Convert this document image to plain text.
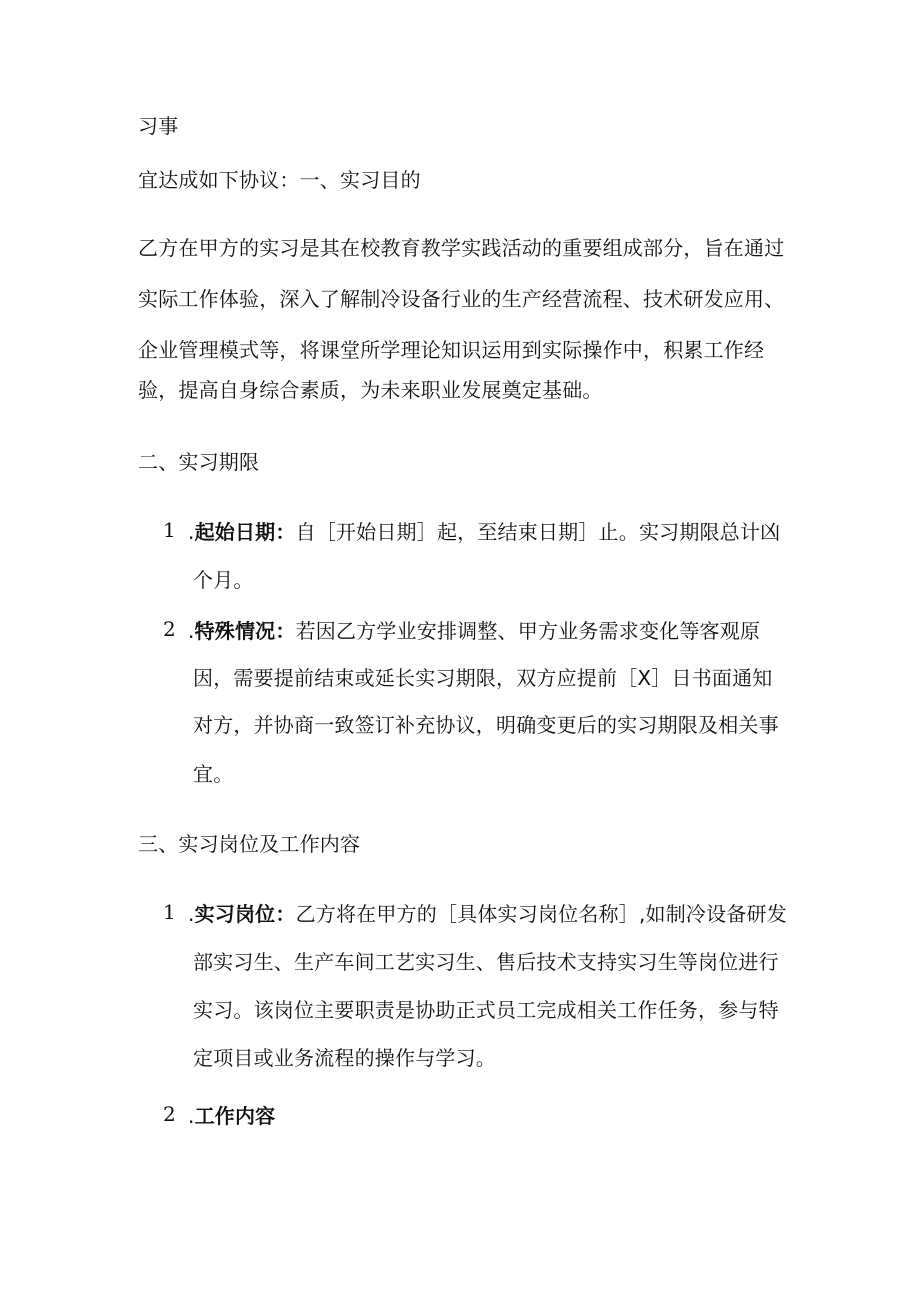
习事
宜达成如下协议：一、实习目的
乙方在甲方的实习是其在校教育教学实践活动的重要组成部分，旨在通过
实际工作体验，深入了解制冷设备行业的生产经营流程、技术研发应用、
企业管理模式等，将课堂所学理论知识运用到实际操作中，积累工作经
验，提高自身综合素质，为未来职业发展奠定基础。
二、实习期限
1 .起始日期：自［开始日期］起，至结束日期］止。实习期限总计凶
个月。
2 .特殊情况：若因乙方学业安排调整、甲方业务需求变化等客观原
因，需要提前结束或延长实习期限，双方应提前［X］日书面通知
对方，并协商一致签订补充协议，明确变更后的实习期限及相关事
宜。
三、实习岗位及工作内容
1 .实习岗位：乙方将在甲方的［具体实习岗位名称］,如制冷设备研发
部实习生、生产车间工艺实习生、售后技术支持实习生等岗位进行
实习。该岗位主要职责是协助正式员工完成相关工作任务，参与特
定项目或业务流程的操作与学习。
2 .工作内容
